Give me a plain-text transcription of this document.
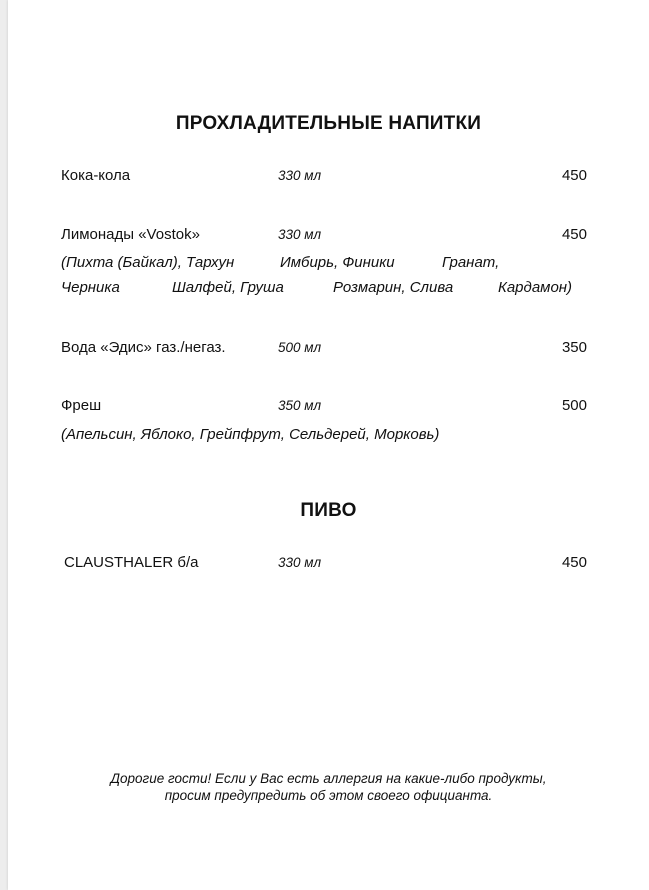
ПРОХЛАДИТЕЛЬНЫЕ НАПИТКИ
Кока-кола	330 мл	450
Лимонады «Vostok»	330 мл	450
(Пихта (Байкал), Тархун	Имбирь, Финики	Гранат,
Черника	Шалфей, Груша	Розмарин, Слива	Кардамон)
Вода «Эдис» газ./негаз.	500 мл	350
Фреш	350 мл	500
(Апельсин, Яблоко, Грейпфрут, Сельдерей, Морковь)
ПИВО
CLAUSTHALER б/а	330 мл	450
Дорогие гости! Если у Вас есть аллергия на какие-либо продукты,
просим предупредить об этом своего официанта.
